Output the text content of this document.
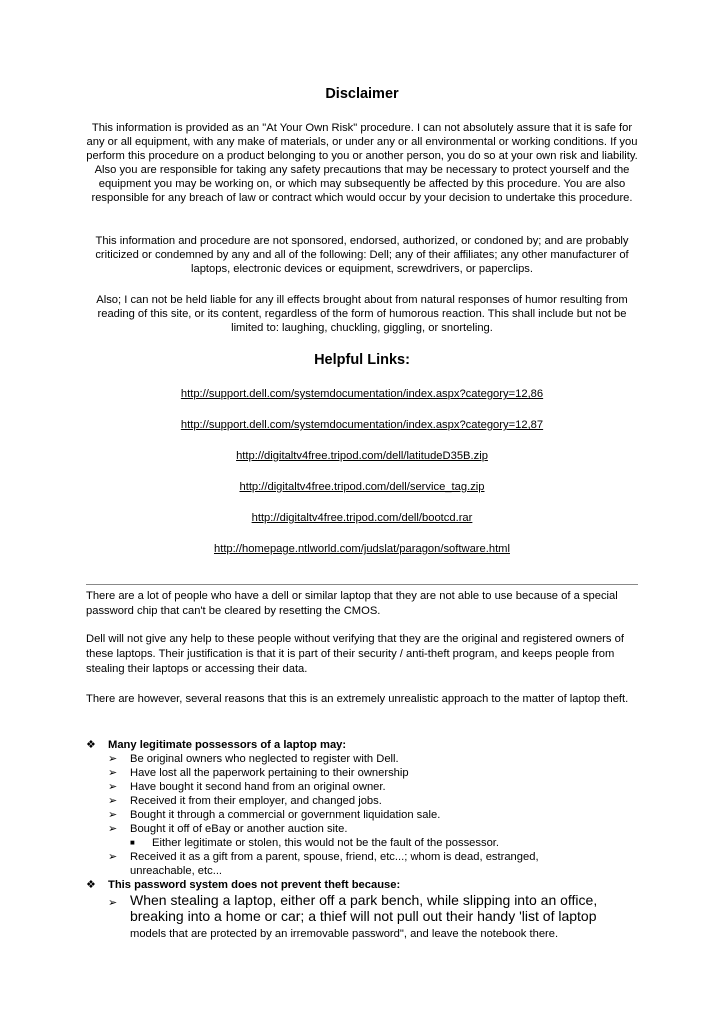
Disclaimer

This information is provided as an "At Your Own Risk" procedure. I can not absolutely assure that it is safe for any or all equipment, with any make of materials, or under any or all environmental or working conditions. If you perform this procedure on a product belonging to you or another person, you do so at your own risk and liability. Also you are responsible for taking any safety precautions that may be necessary to protect yourself and the equipment you may be working on, or which may subsequently be affected by this procedure. You are also responsible for any breach of law or contract which would occur by your decision to undertake this procedure.

This information and procedure are not sponsored, endorsed, authorized, or condoned by; and are probably criticized or condemned by any and all of the following: Dell; any of their affiliates; any other manufacturer of laptops, electronic devices or equipment, screwdrivers, or paperclips.

Also; I can not be held liable for any ill effects brought about from natural responses of humor resulting from reading of this site, or its content, regardless of the form of humorous reaction. This shall include but not be limited to: laughing, chuckling, giggling, or snorteling.

Helpful Links:
http://support.dell.com/systemdocumentation/index.aspx?category=12,86
http://support.dell.com/systemdocumentation/index.aspx?category=12,87
http://digitaltv4free.tripod.com/dell/latitudeD35B.zip
http://digitaltv4free.tripod.com/dell/service_tag.zip
http://digitaltv4free.tripod.com/dell/bootcd.rar
http://homepage.ntlworld.com/judslat/paragon/software.html

There are a lot of people who have a dell or similar laptop that they are not able to use because of a special password chip that can't be cleared by resetting the CMOS.

Dell will not give any help to these people without verifying that they are the original and registered owners of these laptops. Their justification is that it is part of their security / anti-theft program, and keeps people from stealing their laptops or accessing their data.

There are however, several reasons that this is an extremely unrealistic approach to the matter of laptop theft.

❖	Many legitimate possessors of a laptop may:
➢	Be original owners who neglected to register with Dell.
➢	Have lost all the paperwork pertaining to their ownership
➢	Have bought it second hand from an original owner.
➢	Received it from their employer, and changed jobs.
➢	Bought it through a commercial or government liquidation sale.
➢	Bought it off of eBay or another auction site.
■ Either legitimate or stolen, this would not be the fault of the possessor.
➢	Received it as a gift from a parent, spouse, friend, etc...; whom is dead, estranged, unreachable, etc...
❖	This password system does not prevent theft because:
➢ When stealing a laptop, either off a park bench, while slipping into an office, breaking into a home or car; a thief will not pull out their handy 'list of laptop
models that are protected by an irremovable password", and leave the notebook there.
